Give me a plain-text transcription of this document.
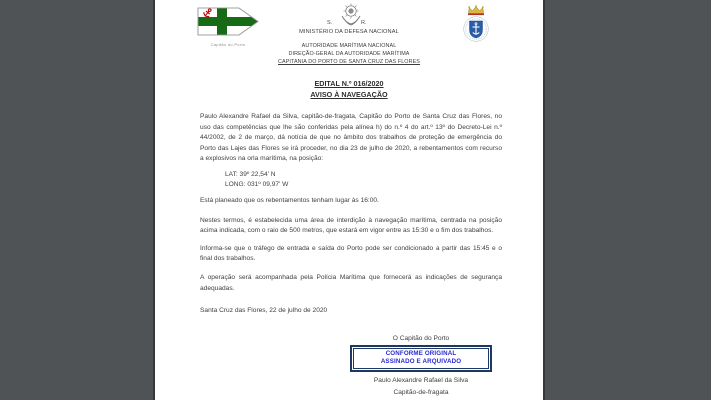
Capitão do Porto
S.	R.
MINISTÉRIO DA DEFESA NACIONAL
AUTORIDADE MARÍTIMA NACIONAL
DIREÇÃO-GERAL DA AUTORIDADE MARÍTIMA
CAPITANIA DO PORTO DE SANTA CRUZ DAS FLORES
EDITAL N.º 016/2020
AVISO À NAVEGAÇÃO

Paulo Alexandre Rafael da Silva, capitão-de-fragata, Capitão do Porto de Santa Cruz das Flores, no uso das competências que lhe são conferidas pela alínea h) do n.º 4 do art.º 13º do Decreto-Lei n.º 44/2002, de 2 de março, dá notícia de que no âmbito dos trabalhos de proteção de emergência do Porto das Lajes das Flores se irá proceder, no dia 23 de julho de 2020, a rebentamentos com recurso a explosivos na orla marítima, na posição:

LAT: 39º 22,54' N
LONG: 031º 09,97' W

Está planeado que os rebentamentos tenham lugar às 16:00.

Nestes termos, é estabelecida uma área de interdição à navegação marítima, centrada na posição acima indicada, com o raio de 500 metros, que estará em vigor entre as 15:30 e o fim dos trabalhos.

Informa-se que o tráfego de entrada e saída do Porto pode ser condicionado a partir das 15:45 e o final dos trabalhos.

A operação será acompanhada pela Polícia Marítima que fornecerá as indicações de segurança adequadas.

Santa Cruz das Flores, 22 de julho de 2020

O Capitão do Porto
CONFORME ORIGINAL
ASSINADO E ARQUIVADO
Paulo Alexandre Rafael da Silva
Capitão-de-fragata
